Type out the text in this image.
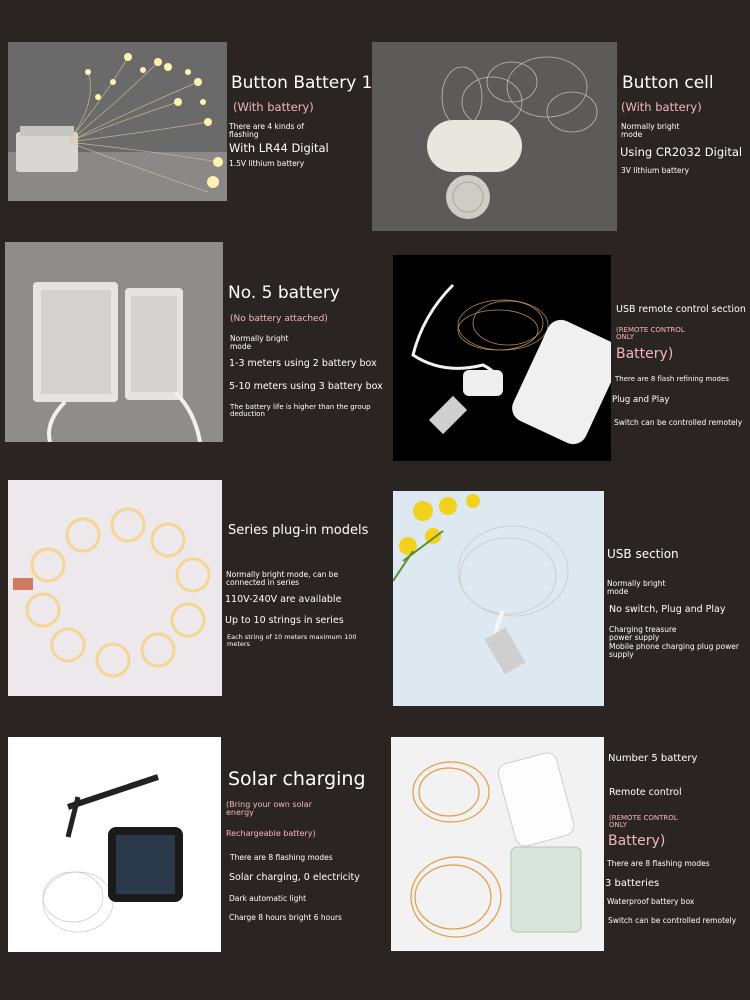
Button Battery 1
(With battery)
There are 4 kinds of
flashing
With LR44 Digital
1.5V lithium battery
Button cell
(With battery)
Normally bright
mode
Using CR2032 Digital
3V lithium battery
No. 5 battery
(No battery attached)
Normally bright
mode
1-3 meters using 2 battery box
5-10 meters using 3 battery box
The battery life is higher than the group
deduction
USB remote control section
(REMOTE CONTROL
ONLY
Battery)
There are 8 flash refining modes
Plug and Play
Switch can be controlled remotely
Series plug-in models
Normally bright mode, can be
connected in series
110V-240V are available
Up to 10 strings in series
Each string of 10 meters maximum 100
meters
USB section
Normally bright
mode
No switch, Plug and Play
Charging treasure
power supply
Mobile phone charging plug power
supply
Solar charging
(Bring your own solar
energy
Rechargeable battery)
There are 8 flashing modes
Solar charging, 0 electricity
Dark automatic light
Charge 8 hours bright 6 hours
Number 5 battery
Remote control
(REMOTE CONTROL
ONLY
Battery)
There are 8 flashing modes
3 batteries
Waterproof battery box
Switch can be controlled remotely
